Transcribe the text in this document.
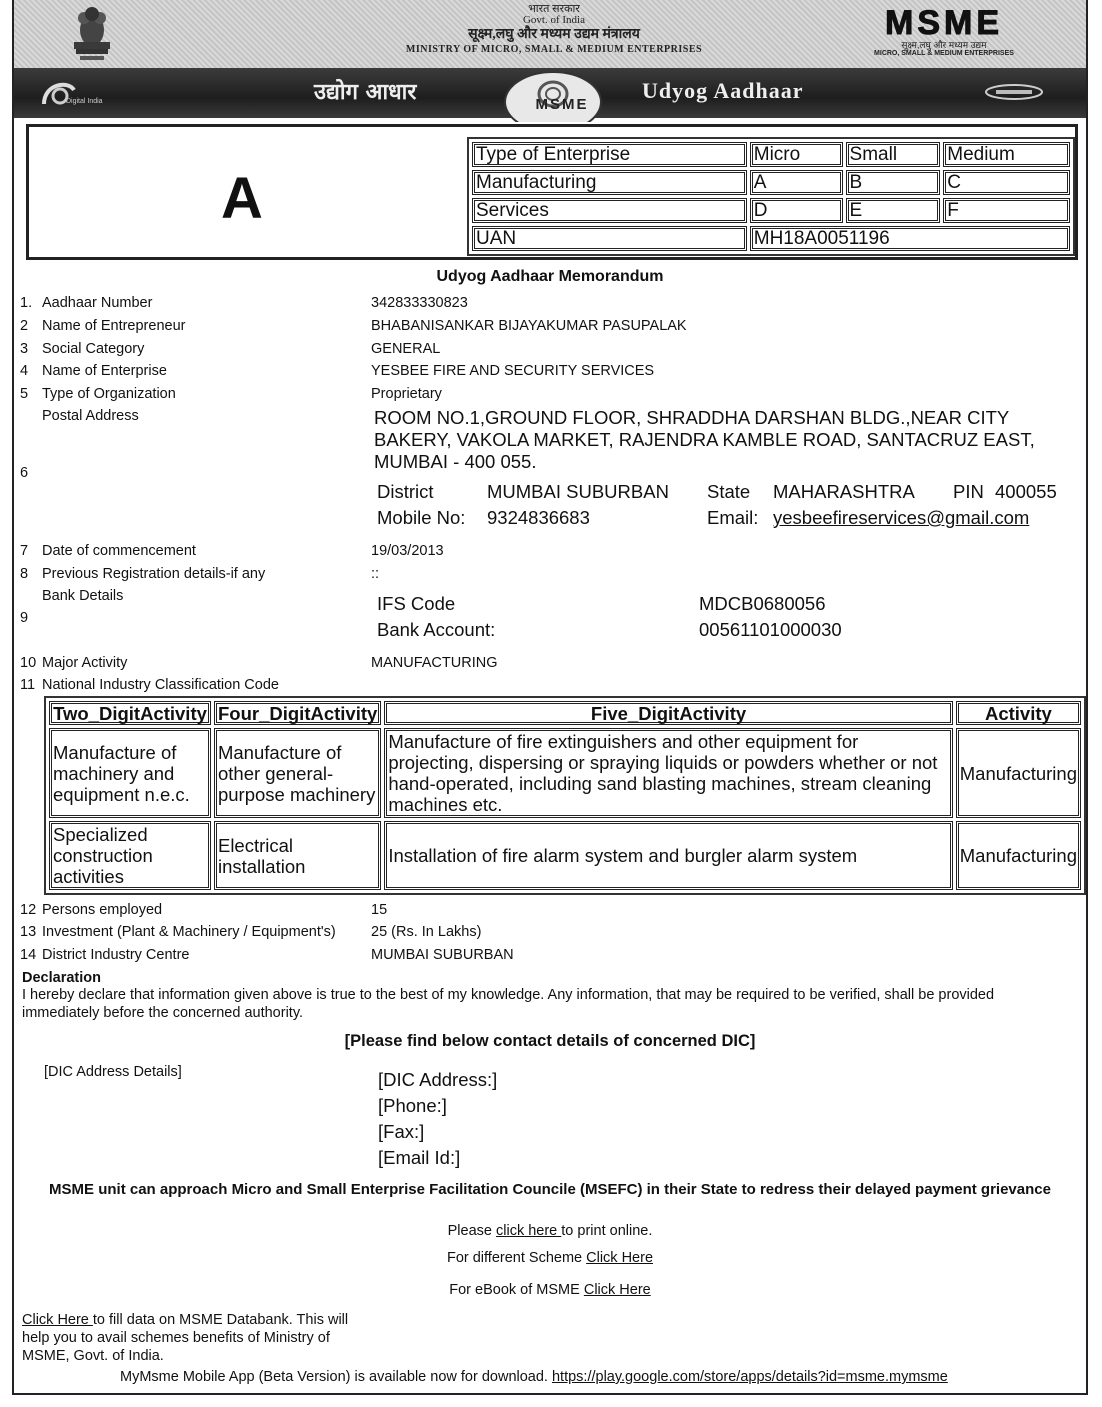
भारत सरकार
Govt. of India
सूक्ष्म,लघु और मध्यम उद्यम मंत्रालय
MINISTRY OF MICRO, SMALL & MEDIUM ENTERPRISES
MSME
सूक्ष्म,लघु और मध्यम उद्यम
MICRO, SMALL & MEDIUM ENTERPRISES
Digital India	उद्योग आधार	MSME
Udyog Aadhaar
A
Type of Enterprise	Micro	Small	Medium
Manufacturing	A	B	C
Services	D	E	F
UAN	MH18A0051196		
Udyog Aadhaar Memorandum
1. Aadhaar Number	342833330823
2 Name of Entrepreneur	BHABANISANKAR BIJAYAKUMAR PASUPALAK
3 Social Category	GENERAL
4 Name of Enterprise	YESBEE FIRE AND SECURITY SERVICES
5 Type of Organization	Proprietary
Postal Address
6
ROOM NO.1,GROUND FLOOR, SHRADDHA DARSHAN BLDG.,NEAR CITY
BAKERY, VAKOLA MARKET, RAJENDRA KAMBLE ROAD, SANTACRUZ EAST,
MUMBAI - 400 055.
District	MUMBAI SUBURBAN State MAHARASHTRA PIN 400055
Mobile No: 9324836683	Email: yesbeefireservices@gmail.com
7 Date of commencement	19/03/2013
8 Previous Registration details-if any	::
Bank Details
9
IFS Code	MDCB0680056
Bank Account:	00561101000030
10 Major Activity	MANUFACTURING
11 National Industry Classification Code
Two_DigitActivity	Four_DigitActivity	Five_DigitActivity	Activity
Manufacture of machinery and equipment n.e.c.	Manufacture of other general-purpose machinery	Manufacture of fire extinguishers and other equipment for projecting, dispersing or spraying liquids or powders whether or not hand-operated, including sand blasting machines, stream cleaning machines etc.	Manufacturing
Specialized construction activities	Electrical installation	Installation of fire alarm system and burgler alarm system	Manufacturing
12 Persons employed	15
13 Investment (Plant & Machinery / Equipment's) 25 (Rs. In Lakhs)
14 District Industry Centre	MUMBAI SUBURBAN
Declaration
I hereby declare that information given above is true to the best of my knowledge. Any information, that may be required to be verified, shall be provided immediately before the concerned authority.
[Please find below contact details of concerned DIC]
[DIC Address Details]	[DIC Address:]
[Phone:]
[Fax:]
[Email Id:]
MSME unit can approach Micro and Small Enterprise Facilitation Councile (MSEFC) in their State to redress their delayed payment grievance
Please click here to print online.
For different Scheme Click Here
For eBook of MSME Click Here
Click Here to fill data on MSME Databank. This will
help you to avail schemes benefits of Ministry of
MSME, Govt. of India.
MyMsme Mobile App (Beta Version) is available now for download. https://play.google.com/store/apps/details?id=msme.mymsme
